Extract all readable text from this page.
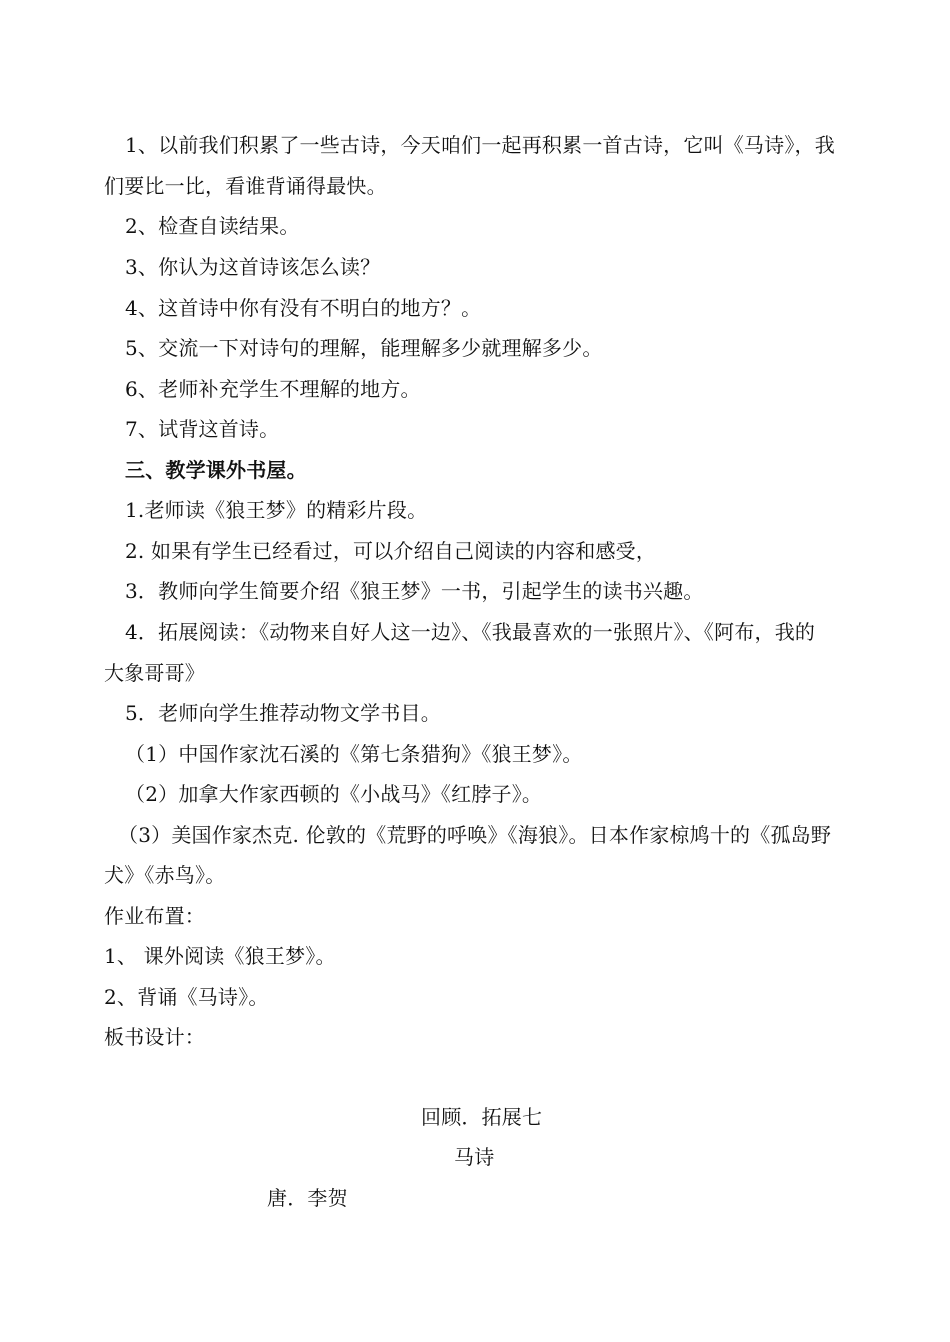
1、以前我们积累了一些古诗，今天咱们一起再积累一首古诗，它叫《马诗》，我
们要比一比，看谁背诵得最快。
2、检查自读结果。
3、你认为这首诗该怎么读？
4、这首诗中你有没有不明白的地方？。
5、交流一下对诗句的理解，能理解多少就理解多少。
6、老师补充学生不理解的地方。
7、试背这首诗。
三、教学课外书屋。
1.老师读《狼王梦》的精彩片段。
2. 如果有学生已经看过，可以介绍自己阅读的内容和感受，
3．教师向学生简要介绍《狼王梦》一书，引起学生的读书兴趣。
4．拓展阅读：《动物来自好人这一边》、《我最喜欢的一张照片》、《阿布，我的
大象哥哥》
5．老师向学生推荐动物文学书目。
（1）中国作家沈石溪的《第七条猎狗》《狼王梦》。
（2）加拿大作家西顿的《小战马》《红脖子》。
（3）美国作家杰克. 伦敦的《荒野的呼唤》《海狼》。日本作家椋鸠十的《孤岛野
犬》《赤鸟》。
作业布置：
1、 课外阅读《狼王梦》。
2、背诵《马诗》。
板书设计：
回顾．拓展七
马诗
唐．李贺
